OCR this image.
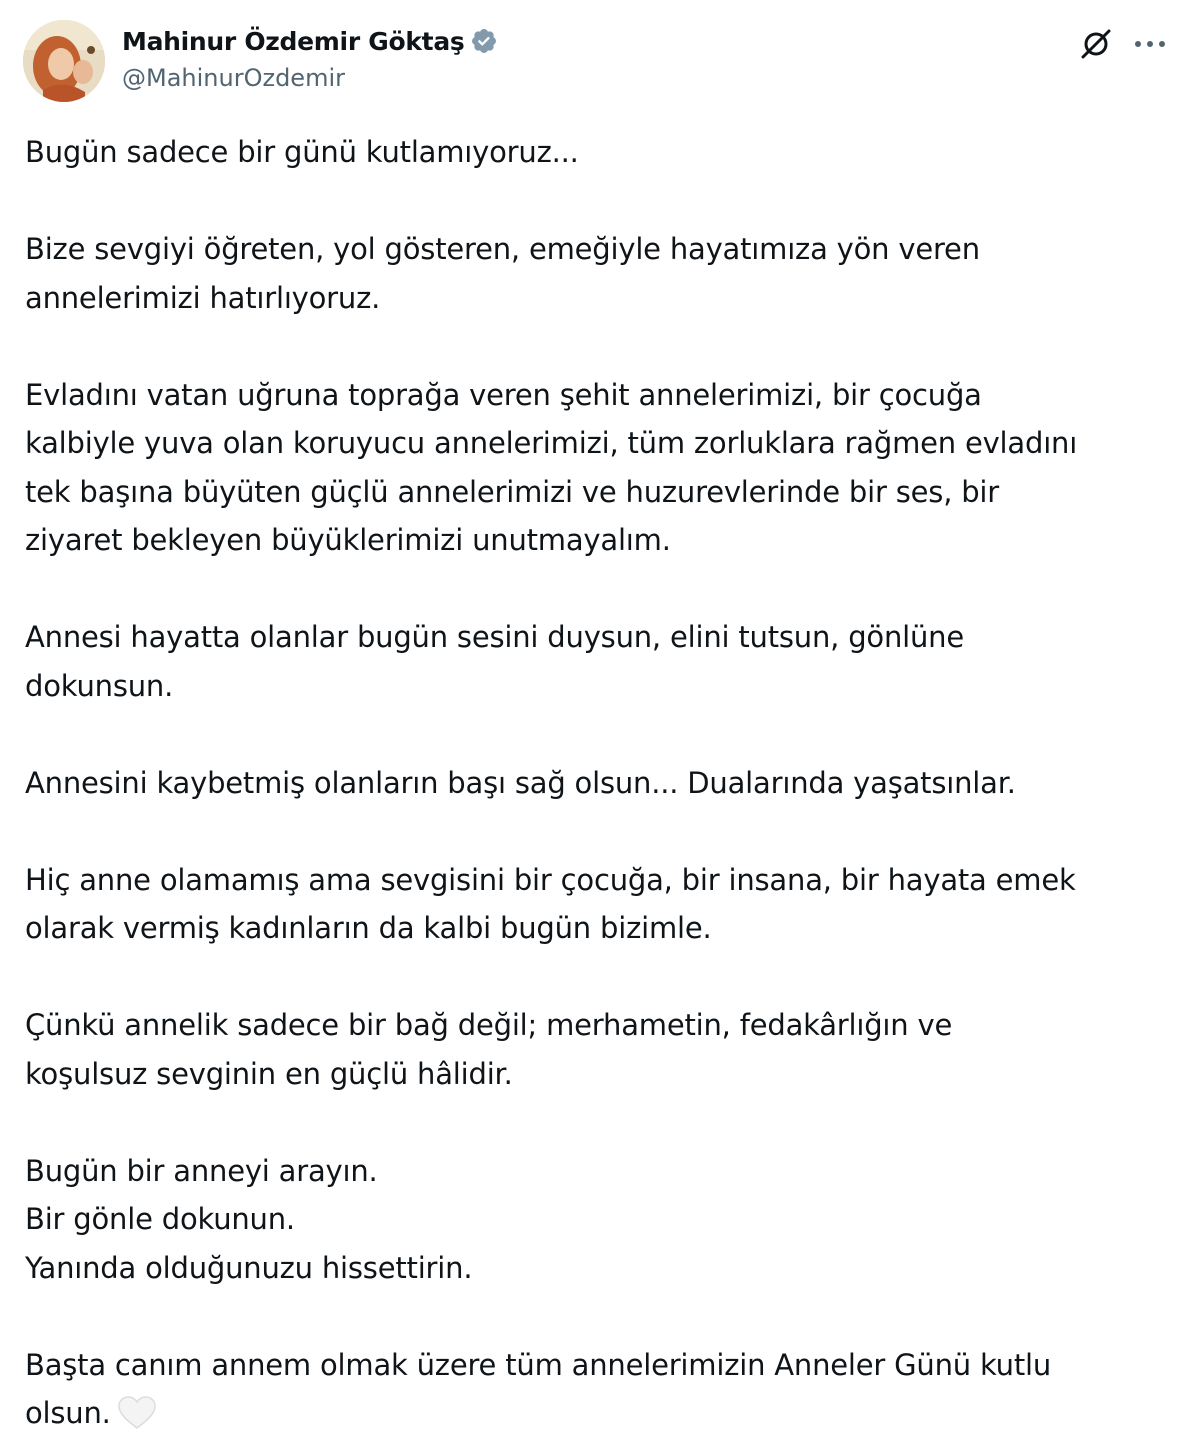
Mahinur Özdemir Göktaş
@MahinurOzdemir

Bugün sadece bir günü kutlamıyoruz...

Bize sevgiyi öğreten, yol gösteren, emeğiyle hayatımıza yön veren
annelerimizi hatırlıyoruz.

Evladını vatan uğruna toprağa veren şehit annelerimizi, bir çocuğa
kalbiyle yuva olan koruyucu annelerimizi, tüm zorluklara rağmen evladını
tek başına büyüten güçlü annelerimizi ve huzurevlerinde bir ses, bir
ziyaret bekleyen büyüklerimizi unutmayalım.

Annesi hayatta olanlar bugün sesini duysun, elini tutsun, gönlüne
dokunsun.

Annesini kaybetmiş olanların başı sağ olsun... Dualarında yaşatsınlar.

Hiç anne olamamış ama sevgisini bir çocuğa, bir insana, bir hayata emek
olarak vermiş kadınların da kalbi bugün bizimle.

Çünkü annelik sadece bir bağ değil; merhametin, fedakârlığın ve
koşulsuz sevginin en güçlü hâlidir.

Bugün bir anneyi arayın.
Bir gönle dokunun.
Yanında olduğunuzu hissettirin.

Başta canım annem olmak üzere tüm annelerimizin Anneler Günü kutlu
olsun.
